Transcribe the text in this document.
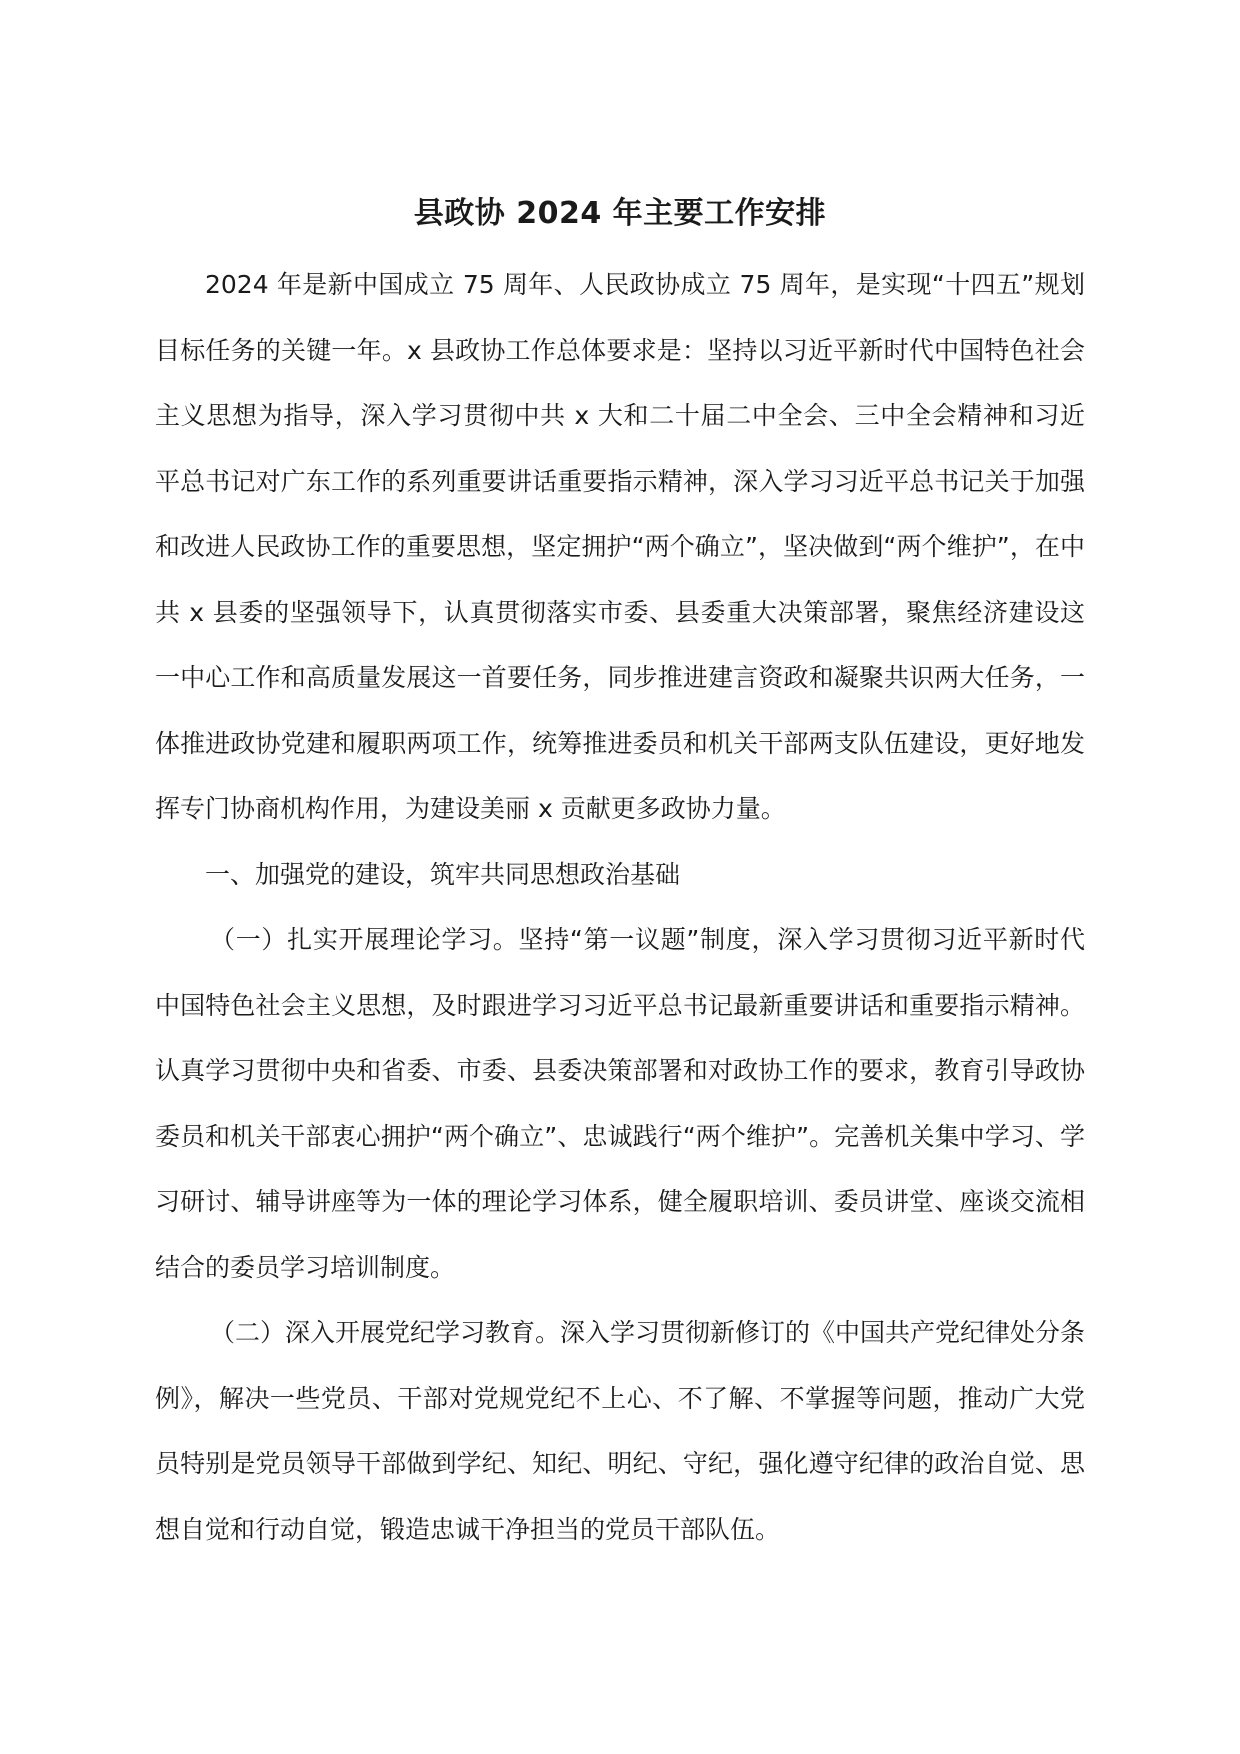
县政协 2024 年主要工作安排

2024 年是新中国成立 75 周年、人民政协成立 75 周年，是实现“十四五”规划目标任务的关键一年。x 县政协工作总体要求是：坚持以习近平新时代中国特色社会主义思想为指导，深入学习贯彻中共 x 大和二十届二中全会、三中全会精神和习近平总书记对广东工作的系列重要讲话重要指示精神，深入学习习近平总书记关于加强和改进人民政协工作的重要思想，坚定拥护“两个确立”，坚决做到“两个维护”，在中共 x 县委的坚强领导下，认真贯彻落实市委、县委重大决策部署，聚焦经济建设这一中心工作和高质量发展这一首要任务，同步推进建言资政和凝聚共识两大任务，一体推进政协党建和履职两项工作，统筹推进委员和机关干部两支队伍建设，更好地发挥专门协商机构作用，为建设美丽 x 贡献更多政协力量。

一、加强党的建设，筑牢共同思想政治基础

（一）扎实开展理论学习。坚持“第一议题”制度，深入学习贯彻习近平新时代中国特色社会主义思想，及时跟进学习习近平总书记最新重要讲话和重要指示精神。认真学习贯彻中央和省委、市委、县委决策部署和对政协工作的要求，教育引导政协委员和机关干部衷心拥护“两个确立”、忠诚践行“两个维护”。完善机关集中学习、学习研讨、辅导讲座等为一体的理论学习体系，健全履职培训、委员讲堂、座谈交流相结合的委员学习培训制度。

（二）深入开展党纪学习教育。深入学习贯彻新修订的《中国共产党纪律处分条例》，解决一些党员、干部对党规党纪不上心、不了解、不掌握等问题，推动广大党员特别是党员领导干部做到学纪、知纪、明纪、守纪，强化遵守纪律的政治自觉、思想自觉和行动自觉，锻造忠诚干净担当的党员干部队伍。
